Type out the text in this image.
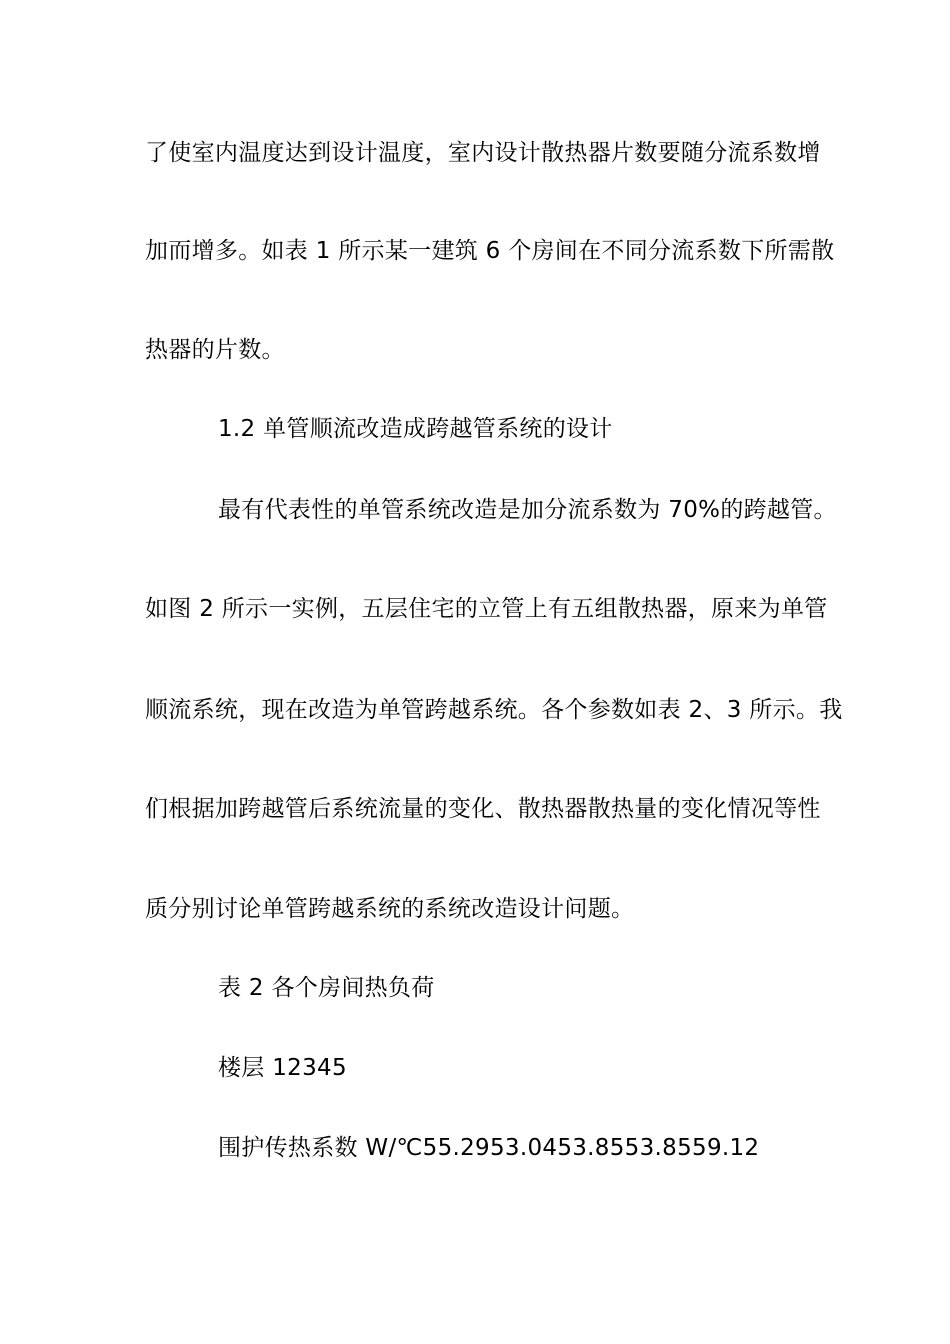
了使室内温度达到设计温度，室内设计散热器片数要随分流系数增
加而增多。如表 1 所示某一建筑 6 个房间在不同分流系数下所需散
热器的片数。
1.2 单管顺流改造成跨越管系统的设计
最有代表性的单管系统改造是加分流系数为 70%的跨越管。
如图 2 所示一实例，五层住宅的立管上有五组散热器，原来为单管
顺流系统，现在改造为单管跨越系统。各个参数如表 2、3 所示。我
们根据加跨越管后系统流量的变化、散热器散热量的变化情况等性
质分别讨论单管跨越系统的系统改造设计问题。
表 2 各个房间热负荷
楼层 12345
围护传热系数 W/℃55.2953.0453.8553.8559.12
